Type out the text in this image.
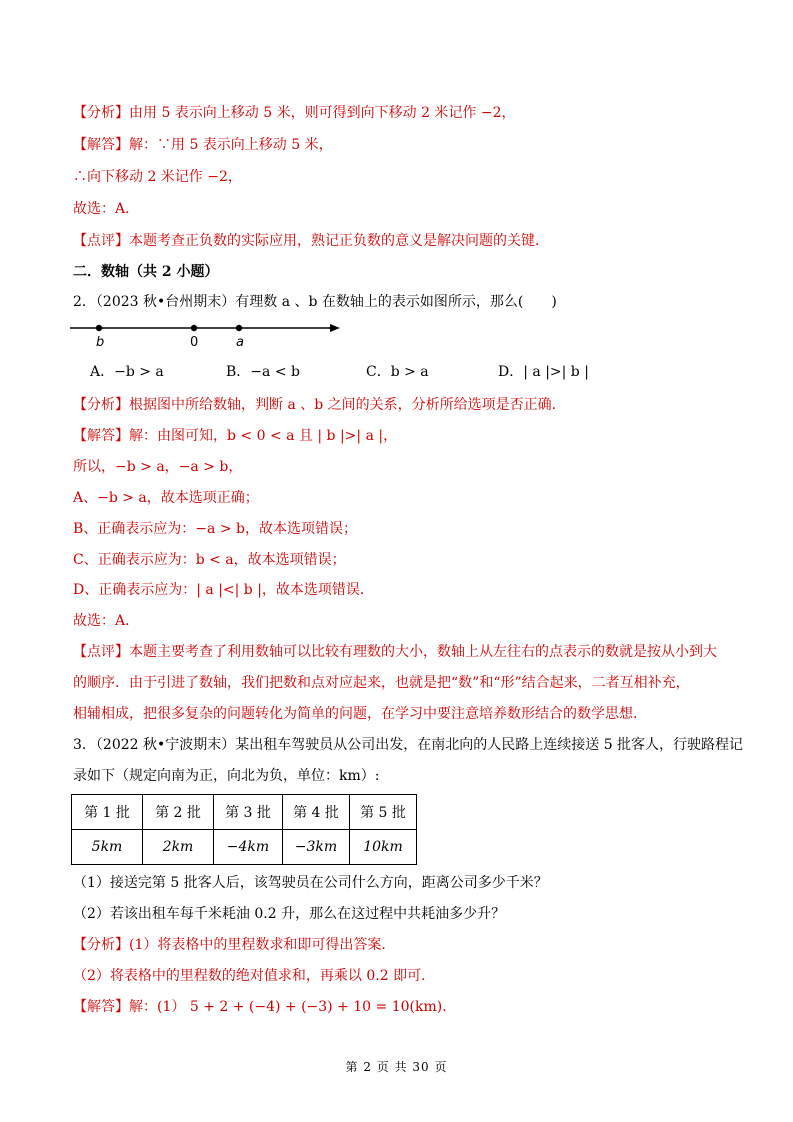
【分析】由用 5 表示向上移动 5 米，则可得到向下移动 2 米记作 −2，
【解答】解：∵用 5 表示向上移动 5 米，
∴向下移动 2 米记作 −2，
故选：A．
【点评】本题考查正负数的实际应用，熟记正负数的意义是解决问题的关键．
二．数轴（共 2 小题）
2．（2023 秋•台州期末）有理数 a 、b 在数轴上的表示如图所示，那么(　　)
b	0	a
A．−b > a	B．−a < b	C．b > a	D．| a |>| b |
【分析】根据图中所给数轴，判断 a 、b 之间的关系，分析所给选项是否正确．
【解答】解：由图可知，b < 0 < a 且 | b |>| a |，
所以，−b > a，−a > b，
A、−b > a，故本选项正确；
B、正确表示应为：−a > b，故本选项错误；
C、正确表示应为：b < a，故本选项错误；
D、正确表示应为：| a |<| b |，故本选项错误．
故选：A．
【点评】本题主要考查了利用数轴可以比较有理数的大小，数轴上从左往右的点表示的数就是按从小到大
的顺序．由于引进了数轴，我们把数和点对应起来，也就是把“数”和“形”结合起来，二者互相补充，
相辅相成，把很多复杂的问题转化为简单的问题，在学习中要注意培养数形结合的数学思想．
3．（2022 秋•宁波期末）某出租车驾驶员从公司出发，在南北向的人民路上连续接送 5 批客人，行驶路程记
录如下（规定向南为正，向北为负，单位：km）:
第 1 批	第 2 批	第 3 批	第 4 批	第 5 批
5km	2km	−4km	−3km	10km
（1）接送完第 5 批客人后，该驾驶员在公司什么方向，距离公司多少千米？
（2）若该出租车每千米耗油 0.2 升，那么在这过程中共耗油多少升？
【分析】(1）将表格中的里程数求和即可得出答案．
（2）将表格中的里程数的绝对值求和，再乘以 0.2 即可．
【解答】解：(1） 5 + 2 + (−4) + (−3) + 10 = 10(km)．
第 2 页 共 30 页
